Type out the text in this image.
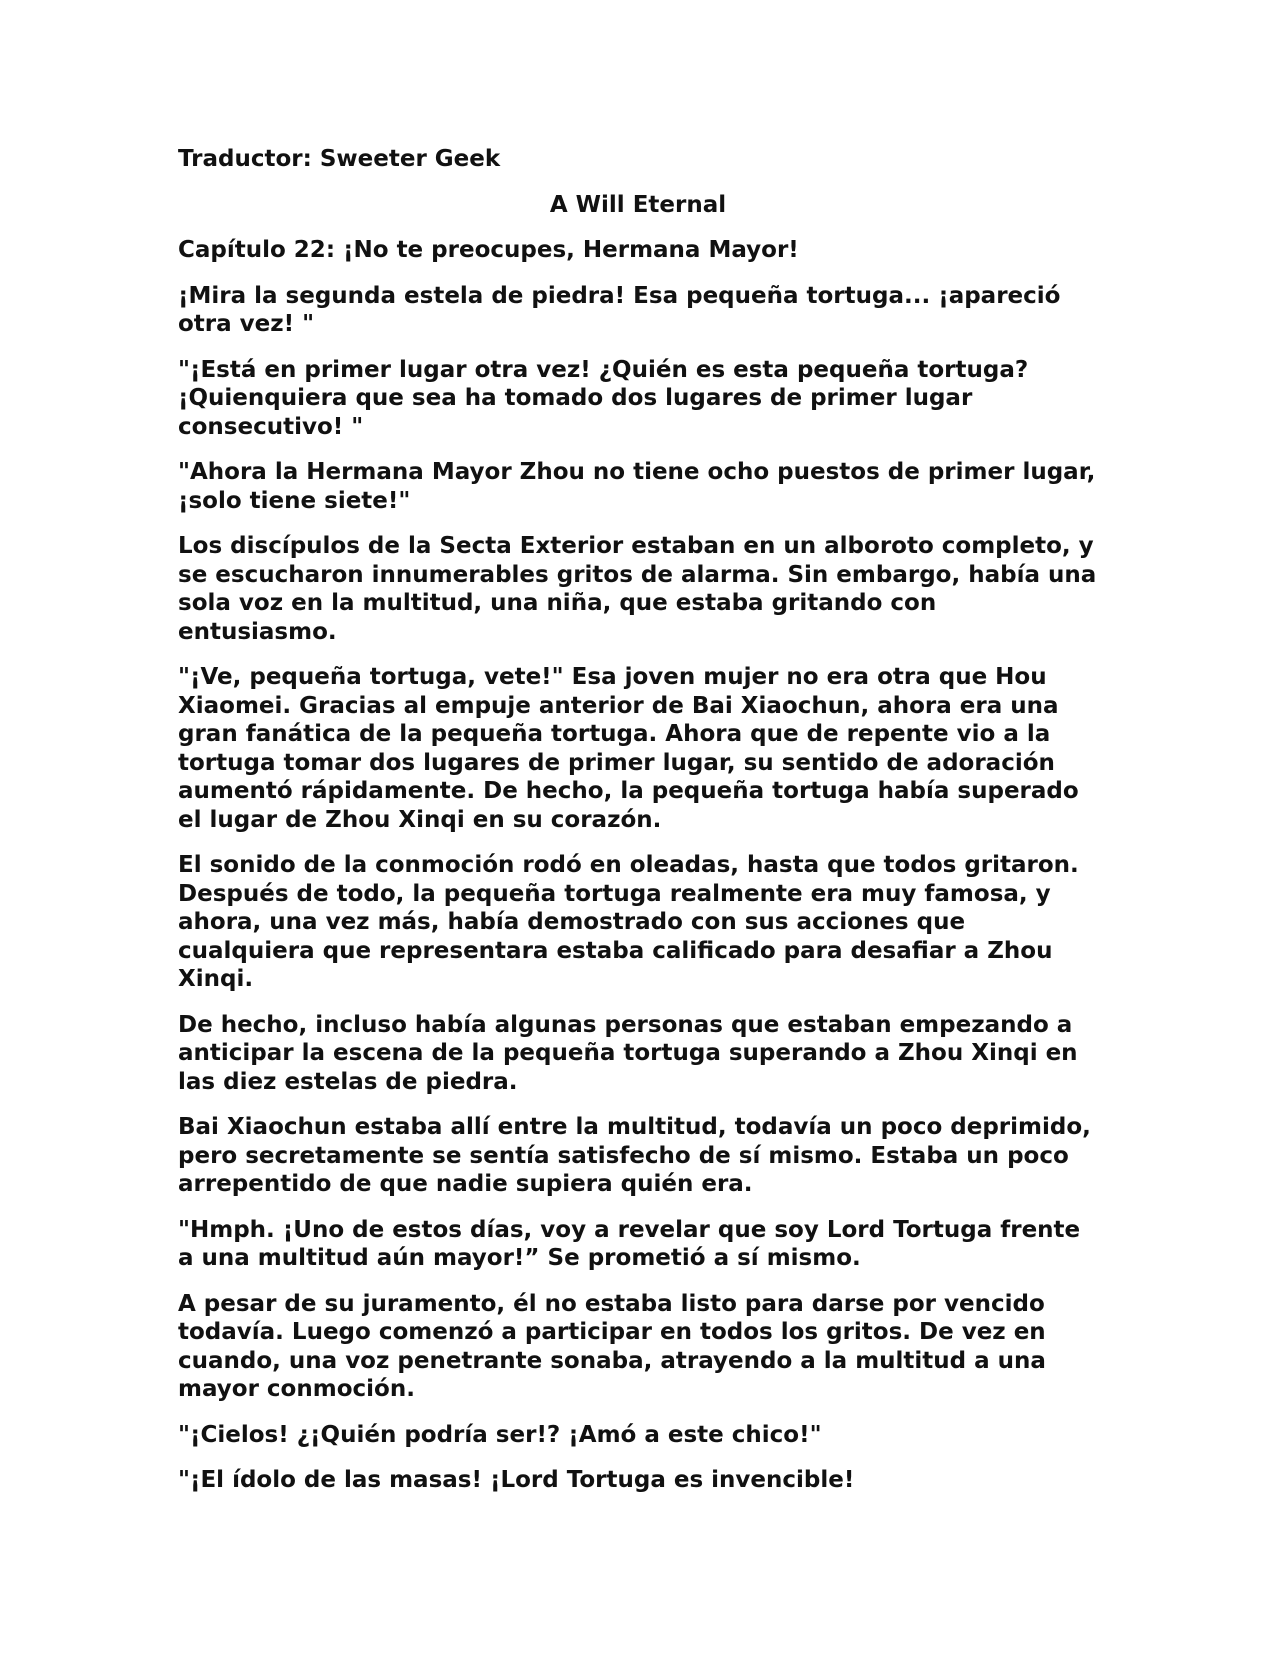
Traductor: Sweeter Geek

A Will Eternal

Capítulo 22: ¡No te preocupes, Hermana Mayor!

¡Mira la segunda estela de piedra! Esa pequeña tortuga... ¡apareció otra vez! "

"¡Está en primer lugar otra vez! ¿Quién es esta pequeña tortuga? ¡Quienquiera que sea ha tomado dos lugares de primer lugar consecutivo! "

"Ahora la Hermana Mayor Zhou no tiene ocho puestos de primer lugar, ¡solo tiene siete!"

Los discípulos de la Secta Exterior estaban en un alboroto completo, y se escucharon innumerables gritos de alarma. Sin embargo, había una sola voz en la multitud, una niña, que estaba gritando con entusiasmo.

"¡Ve, pequeña tortuga, vete!" Esa joven mujer no era otra que Hou Xiaomei. Gracias al empuje anterior de Bai Xiaochun, ahora era una gran fanática de la pequeña tortuga. Ahora que de repente vio a la tortuga tomar dos lugares de primer lugar, su sentido de adoración aumentó rápidamente. De hecho, la pequeña tortuga había superado el lugar de Zhou Xinqi en su corazón.

El sonido de la conmoción rodó en oleadas, hasta que todos gritaron. Después de todo, la pequeña tortuga realmente era muy famosa, y ahora, una vez más, había demostrado con sus acciones que cualquiera que representara estaba calificado para desafiar a Zhou Xinqi.

De hecho, incluso había algunas personas que estaban empezando a anticipar la escena de la pequeña tortuga superando a Zhou Xinqi en las diez estelas de piedra.

Bai Xiaochun estaba allí entre la multitud, todavía un poco deprimido, pero secretamente se sentía satisfecho de sí mismo. Estaba un poco arrepentido de que nadie supiera quién era.

"Hmph. ¡Uno de estos días, voy a revelar que soy Lord Tortuga frente a una multitud aún mayor!” Se prometió a sí mismo.

A pesar de su juramento, él no estaba listo para darse por vencido todavía. Luego comenzó a participar en todos los gritos. De vez en cuando, una voz penetrante sonaba, atrayendo a la multitud a una mayor conmoción.

"¡Cielos! ¿¡Quién podría ser!? ¡Amó a este chico!"

"¡El ídolo de las masas! ¡Lord Tortuga es invencible!
